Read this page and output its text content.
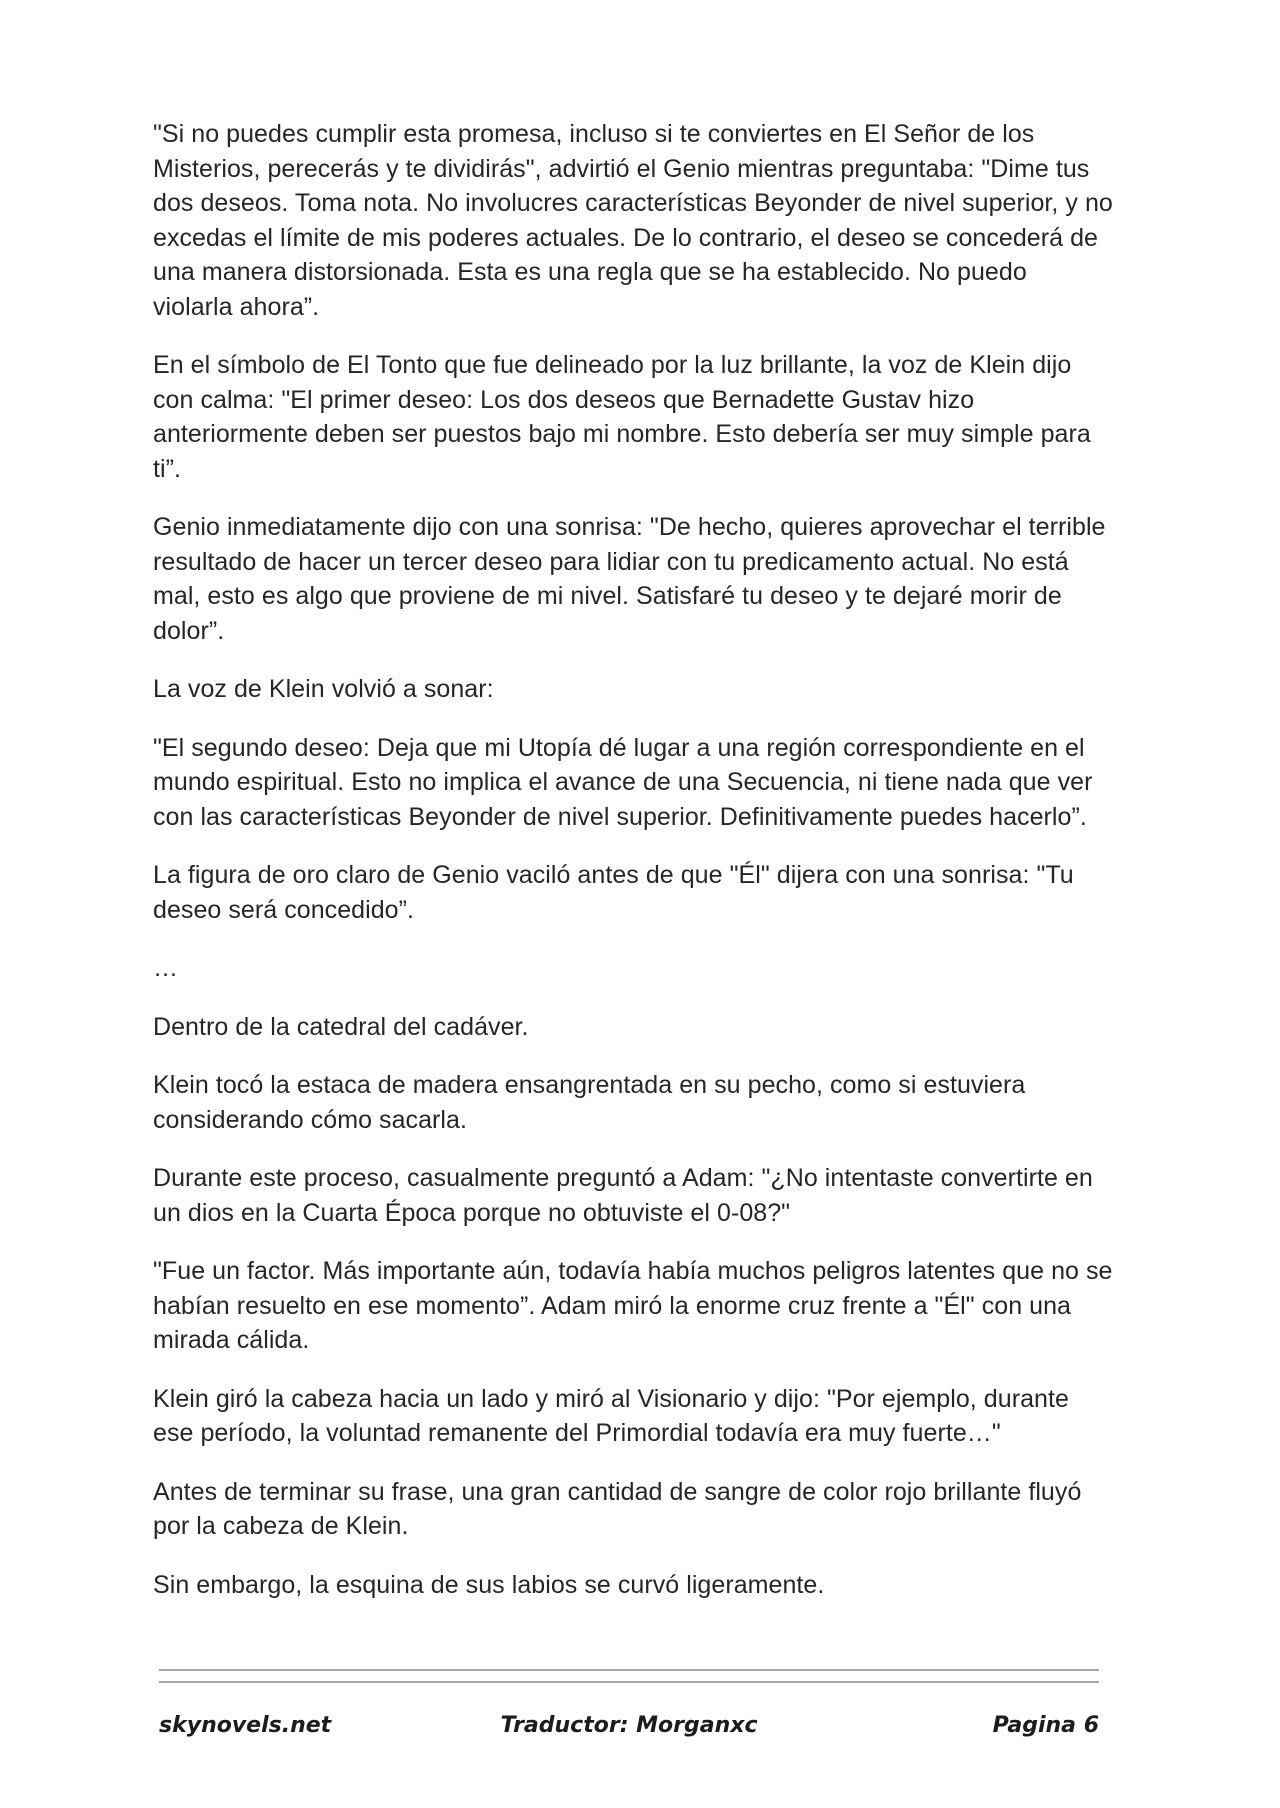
"Si no puedes cumplir esta promesa, incluso si te conviertes en El Señor de los Misterios, perecerás y te dividirás", advirtió el Genio mientras preguntaba: "Dime tus dos deseos. Toma nota. No involucres características Beyonder de nivel superior, y no excedas el límite de mis poderes actuales. De lo contrario, el deseo se concederá de una manera distorsionada. Esta es una regla que se ha establecido. No puedo violarla ahora”.

En el símbolo de El Tonto que fue delineado por la luz brillante, la voz de Klein dijo con calma: "El primer deseo: Los dos deseos que Bernadette Gustav hizo anteriormente deben ser puestos bajo mi nombre. Esto debería ser muy simple para ti”.

Genio inmediatamente dijo con una sonrisa: "De hecho, quieres aprovechar el terrible resultado de hacer un tercer deseo para lidiar con tu predicamento actual. No está mal, esto es algo que proviene de mi nivel. Satisfaré tu deseo y te dejaré morir de dolor”.

La voz de Klein volvió a sonar:

"El segundo deseo: Deja que mi Utopía dé lugar a una región correspondiente en el mundo espiritual. Esto no implica el avance de una Secuencia, ni tiene nada que ver con las características Beyonder de nivel superior. Definitivamente puedes hacerlo”.

La figura de oro claro de Genio vaciló antes de que "Él" dijera con una sonrisa: "Tu deseo será concedido”.

…

Dentro de la catedral del cadáver.

Klein tocó la estaca de madera ensangrentada en su pecho, como si estuviera considerando cómo sacarla.

Durante este proceso, casualmente preguntó a Adam: "¿No intentaste convertirte en un dios en la Cuarta Época porque no obtuviste el 0-08?"

"Fue un factor. Más importante aún, todavía había muchos peligros latentes que no se habían resuelto en ese momento”. Adam miró la enorme cruz frente a "Él" con una mirada cálida.

Klein giró la cabeza hacia un lado y miró al Visionario y dijo: "Por ejemplo, durante ese período, la voluntad remanente del Primordial todavía era muy fuerte…"

Antes de terminar su frase, una gran cantidad de sangre de color rojo brillante fluyó por la cabeza de Klein.

Sin embargo, la esquina de sus labios se curvó ligeramente.

skynovels.net	Traductor: Morganxc	Pagina 6
